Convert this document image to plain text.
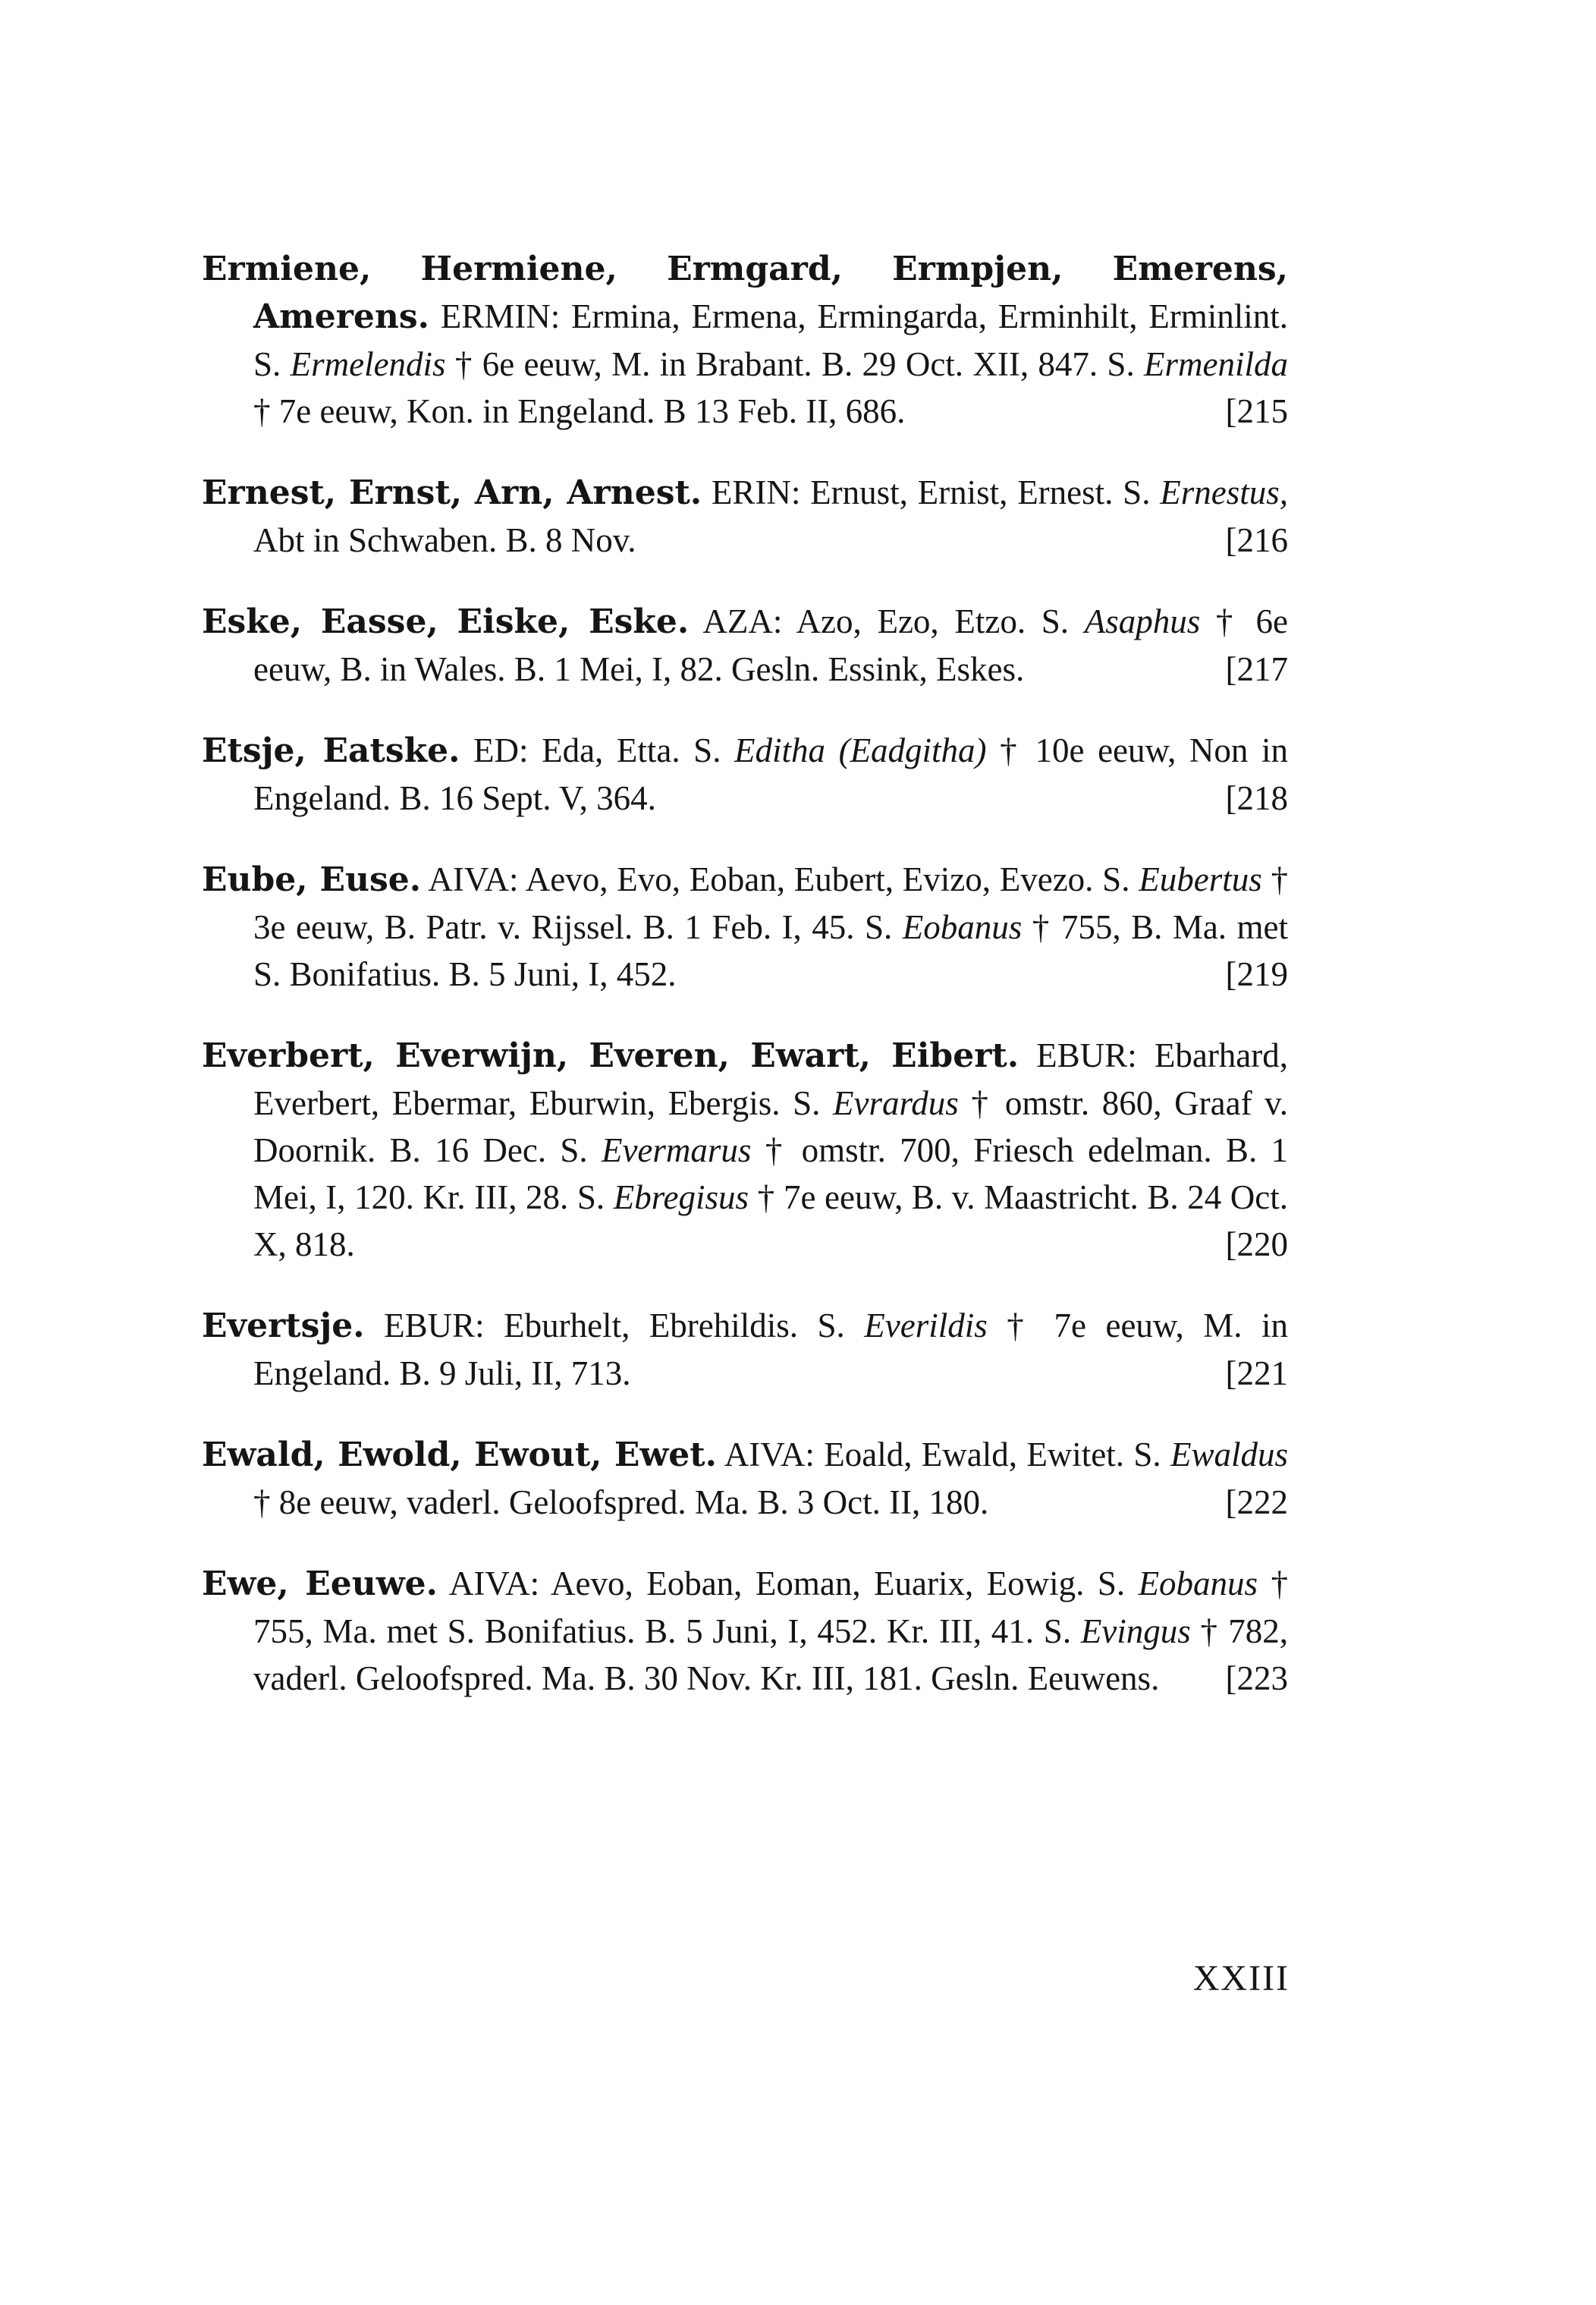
Ermiene, Hermiene, Ermgard, Ermpjen, Emerens, Amerens. ERMIN: Ermina, Ermena, Ermingarda, Erminhilt, Erminlint. S. Ermelendis † 6e eeuw, M. in Brabant. B. 29 Oct. XII, 847. S. Ermenilda † 7e eeuw, Kon. in Engeland. B 13 Feb. II, 686.	[215

Ernest, Ernst, Arn, Arnest. ERIN: Ernust, Ernist, Ernest. S. Ernestus, Abt in Schwaben. B. 8 Nov.	[216

Eske, Easse, Eiske, Eske. AZA: Azo, Ezo, Etzo. S. Asaphus † 6e eeuw, B. in Wales. B. 1 Mei, I, 82. Gesln. Essink, Eskes.	[217

Etsje, Eatske. ED: Eda, Etta. S. Editha (Eadgitha) † 10e eeuw, Non in Engeland. B. 16 Sept. V, 364.	[218

Eube, Euse. AIVA: Aevo, Evo, Eoban, Eubert, Evizo, Evezo. S. Eubertus † 3e eeuw, B. Patr. v. Rijssel. B. 1 Feb. I, 45. S. Eobanus † 755, B. Ma. met S. Bonifatius. B. 5 Juni, I, 452.	[219

Everbert, Everwijn, Everen, Ewart, Eibert. EBUR: Ebarhard, Everbert, Ebermar, Eburwin, Ebergis. S. Evrardus † omstr. 860, Graaf v. Doornik. B. 16 Dec. S. Evermarus † omstr. 700, Friesch edelman. B. 1 Mei, I, 120. Kr. III, 28. S. Ebregisus † 7e eeuw, B. v. Maastricht. B. 24 Oct. X, 818.	[220

Evertsje. EBUR: Eburhelt, Ebrehildis. S. Everildis † 7e eeuw, M. in Engeland. B. 9 Juli, II, 713.	[221

Ewald, Ewold, Ewout, Ewet. AIVA: Eoald, Ewald, Ewitet. S. Ewaldus † 8e eeuw, vaderl. Geloofspred. Ma. B. 3 Oct. II, 180.	[222

Ewe, Eeuwe. AIVA: Aevo, Eoban, Eoman, Euarix, Eowig. S. Eobanus † 755, Ma. met S. Bonifatius. B. 5 Juni, I, 452. Kr. III, 41. S. Evingus † 782, vaderl. Geloofspred. Ma. B. 30 Nov. Kr. III, 181. Gesln. Eeuwens. [223

XXIII
